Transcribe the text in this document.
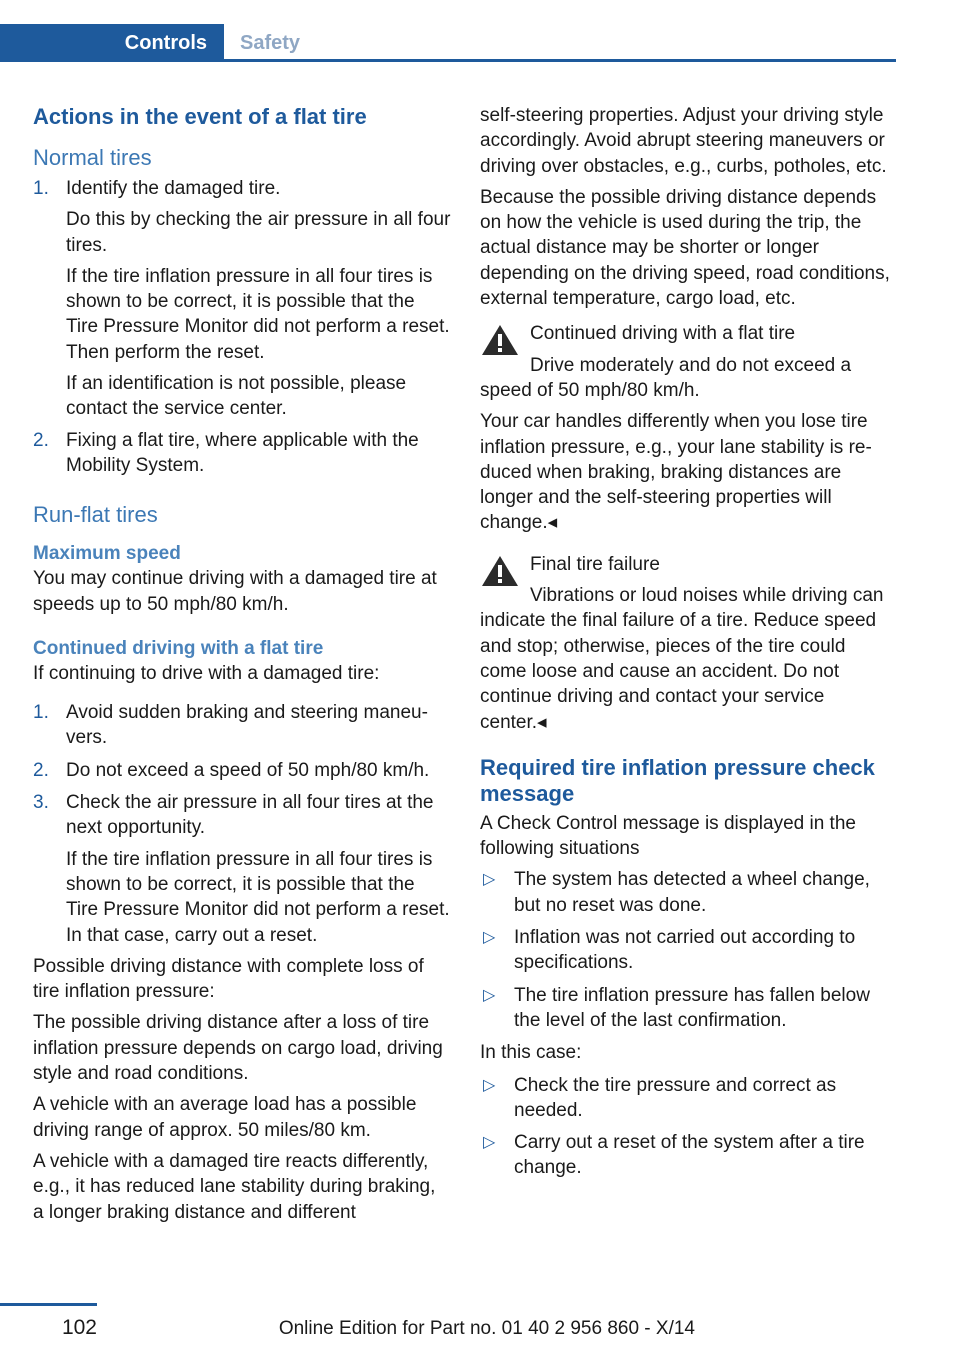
Controls Safety
Actions in the event of a flat tire
Normal tires
1. Identify the damaged tire.

Do this by checking the air pressure in all four tires.

If the tire inflation pressure in all four tires is shown to be correct, it is possible that the Tire Pressure Monitor did not perform a reset. Then perform the reset.

If an identification is not possible, please contact the service center.

2. Fixing a flat tire, where applicable with the Mobility System.
Run-flat tires
Maximum speed

You may continue driving with a damaged tire at speeds up to 50 mph/80 km/h.

Continued driving with a flat tire

If continuing to drive with a damaged tire:

1. Avoid sudden braking and steering maneuvers.
2. Do not exceed a speed of 50 mph/80 km/h.
3. Check the air pressure in all four tires at the next opportunity.

If the tire inflation pressure in all four tires is shown to be correct, it is possible that the Tire Pressure Monitor did not perform a reset. In that case, carry out a reset.

Possible driving distance with complete loss of tire inflation pressure:

The possible driving distance after a loss of tire inflation pressure depends on cargo load, driving style and road conditions.

A vehicle with an average load has a possible driving range of approx. 50 miles/80 km.

A vehicle with a damaged tire reacts differently, e.g., it has reduced lane stability during braking, a longer braking distance and different

self-steering properties. Adjust your driving style accordingly. Avoid abrupt steering maneuvers or driving over obstacles, e.g., curbs, potholes, etc.

Because the possible driving distance depends on how the vehicle is used during the trip, the actual distance may be shorter or longer depending on the driving speed, road conditions, external temperature, cargo load, etc.

Continued driving with a flat tire

Drive moderately and do not exceed a speed of 50 mph/80 km/h.

Your car handles differently when you lose tire inflation pressure, e.g., your lane stability is reduced when braking, braking distances are longer and the self-steering properties will change.◂

Final tire failure

Vibrations or loud noises while driving can indicate the final failure of a tire. Reduce speed and stop; otherwise, pieces of the tire could come loose and cause an accident. Do not continue driving and contact your service center.◂

Required tire inflation pressure check message

A Check Control message is displayed in the following situations

▷ The system has detected a wheel change, but no reset was done.
▷ Inflation was not carried out according to specifications.
▷ The tire inflation pressure has fallen below the level of the last confirmation.

In this case:

▷ Check the tire pressure and correct as needed.
▷ Carry out a reset of the system after a tire change.
102	Online Edition for Part no. 01 40 2 956 860 - X/14
